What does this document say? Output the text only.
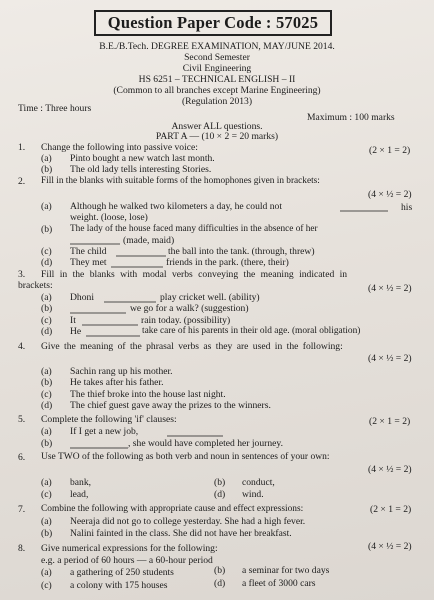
Question Paper Code : 57025
B.E./B.Tech. DEGREE EXAMINATION, MAY/JUNE 2014.
Second Semester
Civil Engineering
HS 6251 – TECHNICAL ENGLISH – II
(Common to all branches except Marine Engineering)
(Regulation 2013)
Time : Three hours
Maximum : 100 marks
Answer ALL questions.
PART A — (10 × 2 = 20 marks)
1. Change the following into passive voice:	(2 × 1 = 2)
(a) Pinto bought a new watch last month.
(b) The old lady tells interesting Stories.
2. Fill in the blanks with suitable forms of the homophones given in brackets:
(4 × ½ = 2)
(a) Although he walked two kilometers a day, he could not	his
weight. (loose, lose)
(b) The lady of the house faced many difficulties in the absence of her
(made, maid)
(c) The child	the ball into the tank. (through, threw)
(d) They met	friends in the park. (there, their)
3. Fill in the blanks with modal verbs conveying the meaning indicated in
brackets:	(4 × ½ = 2)
(a) Dhoni	play cricket well. (ability)
(b)	we go for a walk? (suggestion)
(c) It	rain today. (possibility)
(d) He	take care of his parents in their old age. (moral obligation)
4. Give the meaning of the phrasal verbs as they are used in the following:
(4 × ½ = 2)
(a) Sachin rang up his mother.
(b) He takes after his father.
(c) The thief broke into the house last night.
(d) The chief guest gave away the prizes to the winners.
5. Complete the following 'if' clauses:	(2 × 1 = 2)
(a) If I get a new job,
(b)	, she would have completed her journey.
6. Use TWO of the following as both verb and noun in sentences of your own:
(4 × ½ = 2)
(a) bank,	(b) conduct,
(c) lead,	(d) wind.
7. Combine the following with appropriate cause and effect expressions:	(2 × 1 = 2)
(a) Neeraja did not go to college yesterday. She had a high fever.
(b) Nalini fainted in the class. She did not have her breakfast.
8. Give numerical expressions for the following:	(4 × ½ = 2)
e.g. a period of 60 hours — a 60-hour period
(a) a gathering of 250 students	(b) a seminar for two days
(c) a colony with 175 houses	(d) a fleet of 3000 cars
